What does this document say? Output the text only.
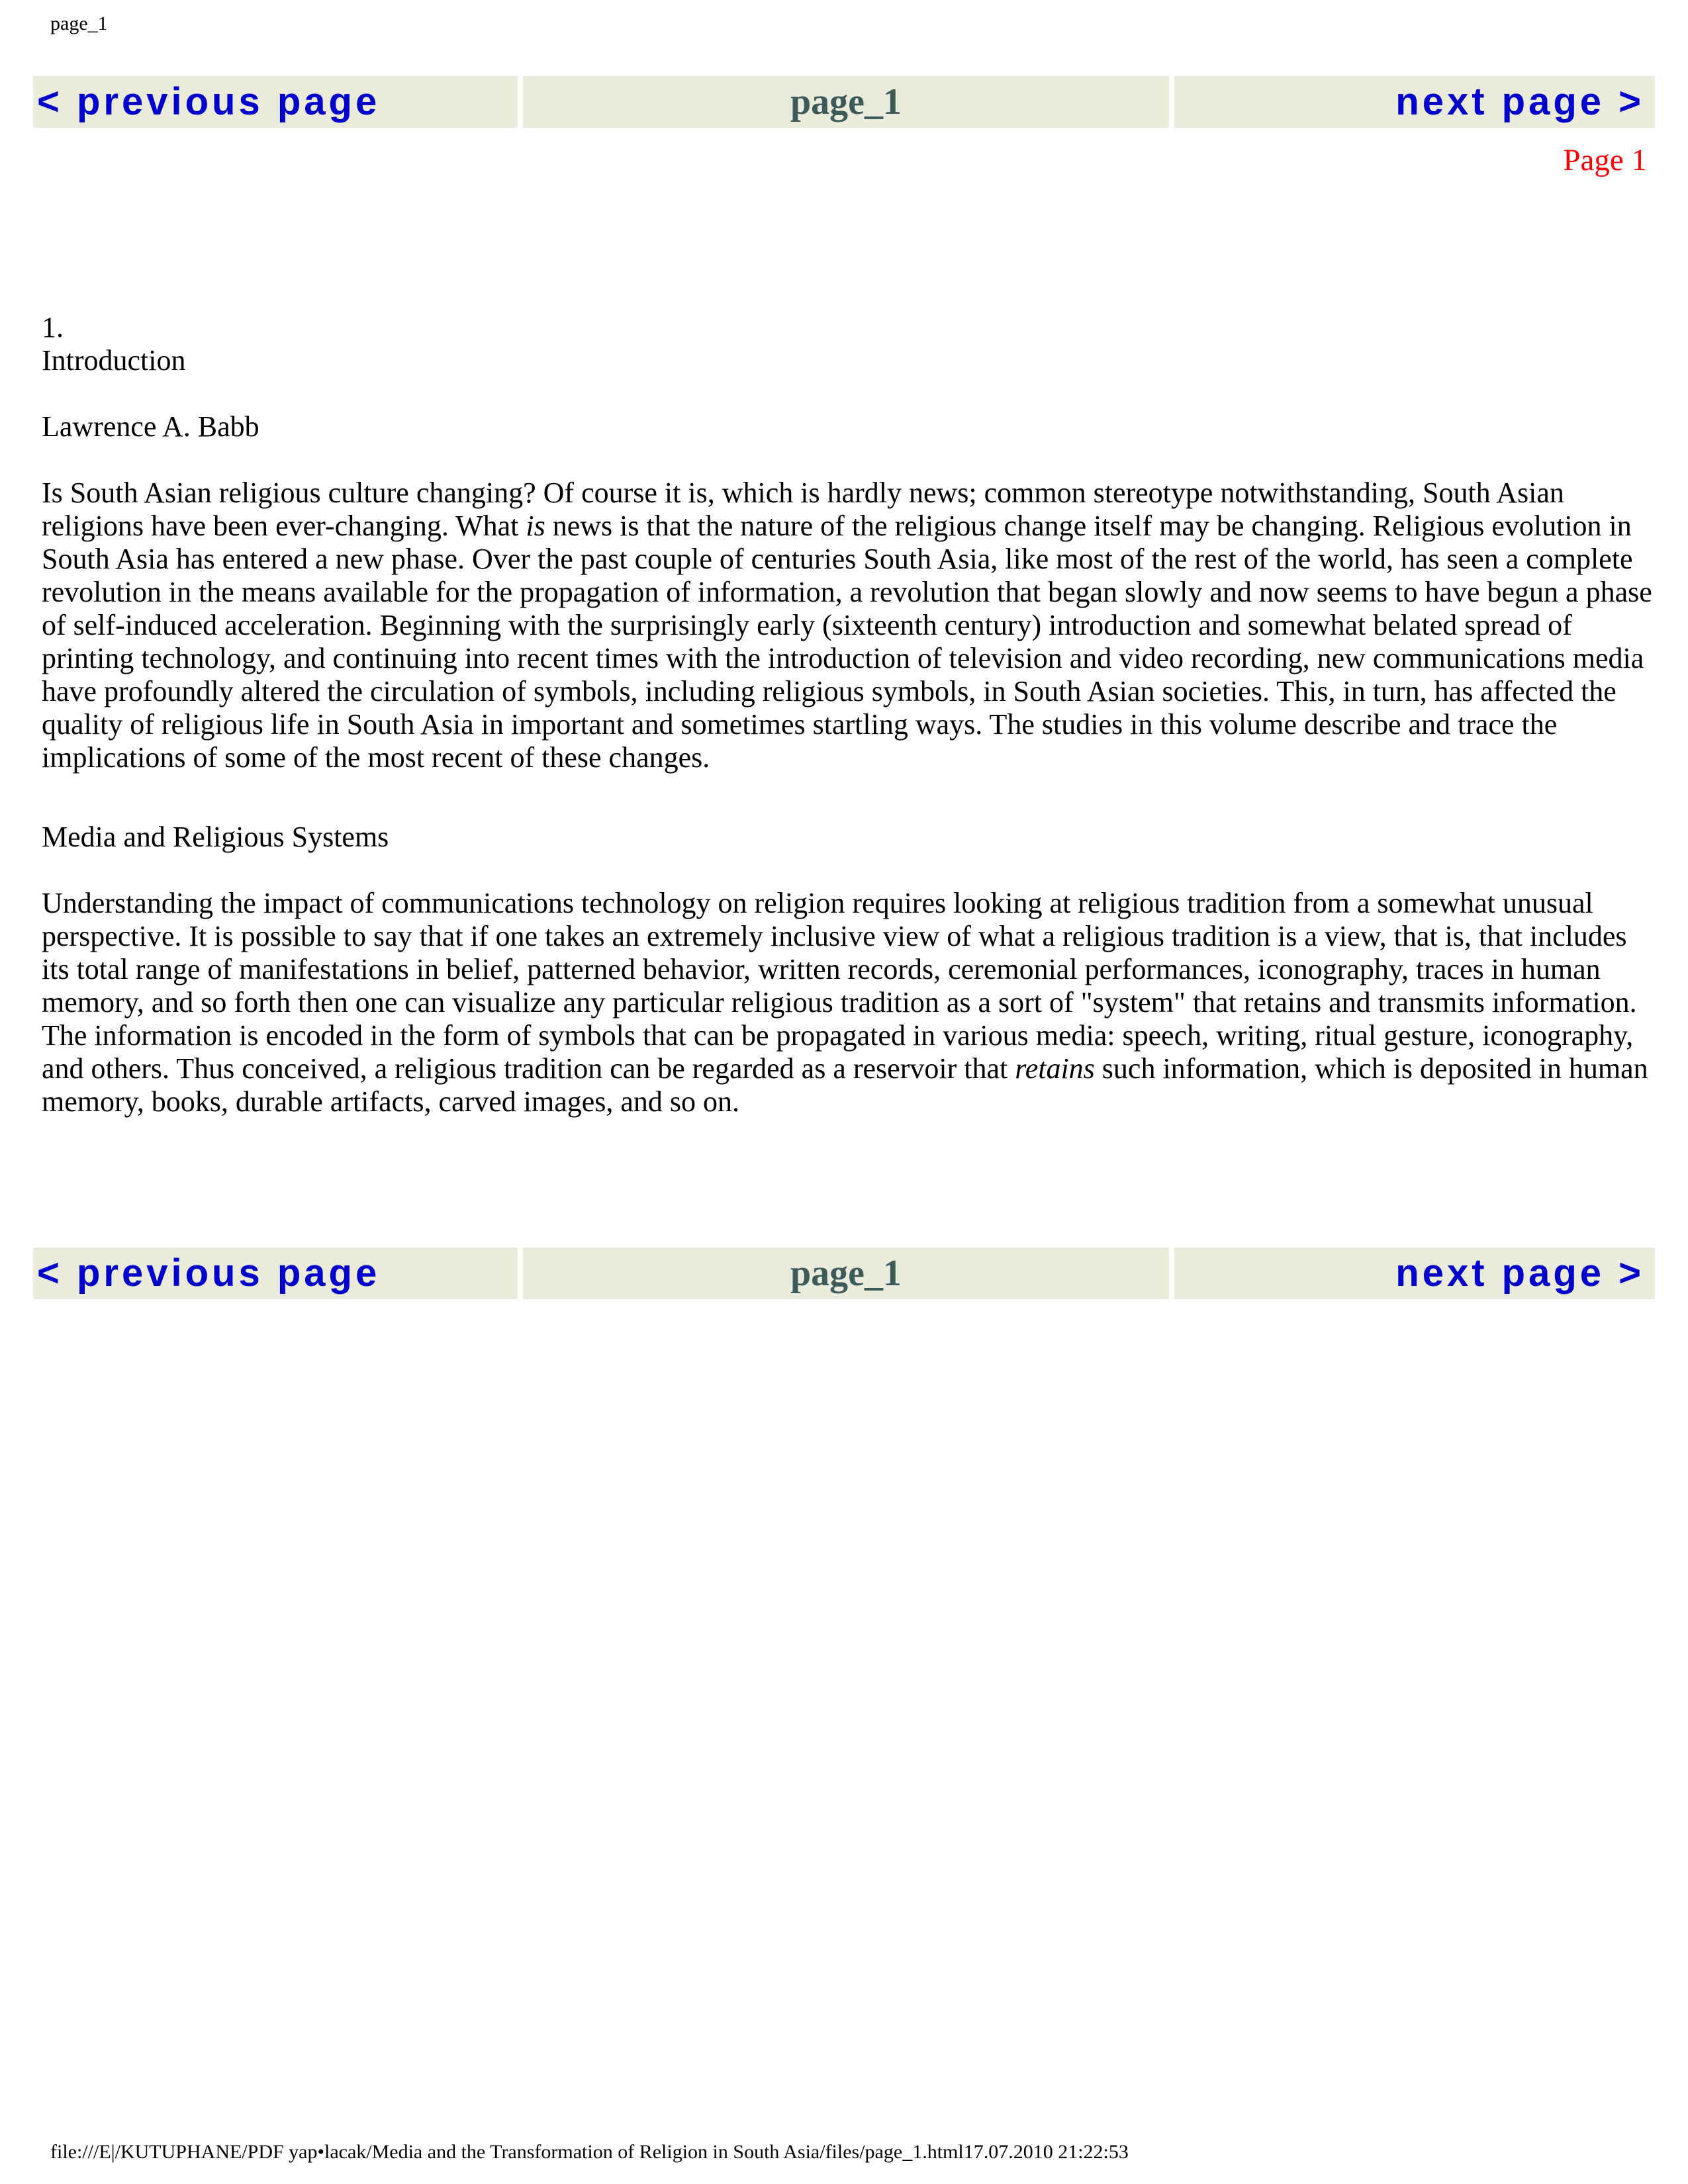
page_1
< previous page	page_1	next page >
Page 1
1.
Introduction

Lawrence A. Babb

Is South Asian religious culture changing? Of course it is, which is hardly news; common stereotype notwithstanding, South Asian religions have been ever-changing. What is news is that the nature of the religious change itself may be changing. Religious evolution in South Asia has entered a new phase. Over the past couple of centuries South Asia, like most of the rest of the world, has seen a complete revolution in the means available for the propagation of information, a revolution that began slowly and now seems to have begun a phase of self-induced acceleration. Beginning with the surprisingly early (sixteenth century) introduction and somewhat belated spread of printing technology, and continuing into recent times with the introduction of television and video recording, new communications media have profoundly altered the circulation of symbols, including religious symbols, in South Asian societies. This, in turn, has affected the quality of religious life in South Asia in important and sometimes startling ways. The studies in this volume describe and trace the implications of some of the most recent of these changes.

Media and Religious Systems

Understanding the impact of communications technology on religion requires looking at religious tradition from a somewhat unusual perspective. It is possible to say that if one takes an extremely inclusive view of what a religious tradition is a view, that is, that includes its total range of manifestations in belief, patterned behavior, written records, ceremonial performances, iconography, traces in human memory, and so forth then one can visualize any particular religious tradition as a sort of "system" that retains and transmits information. The information is encoded in the form of symbols that can be propagated in various media: speech, writing, ritual gesture, iconography, and others. Thus conceived, a religious tradition can be regarded as a reservoir that retains such information, which is deposited in human memory, books, durable artifacts, carved images, and so on.

< previous page	page_1	next page >
file:///E|/KUTUPHANE/PDF yap•lacak/Media and the Transformation of Religion in South Asia/files/page_1.html17.07.2010 21:22:53
